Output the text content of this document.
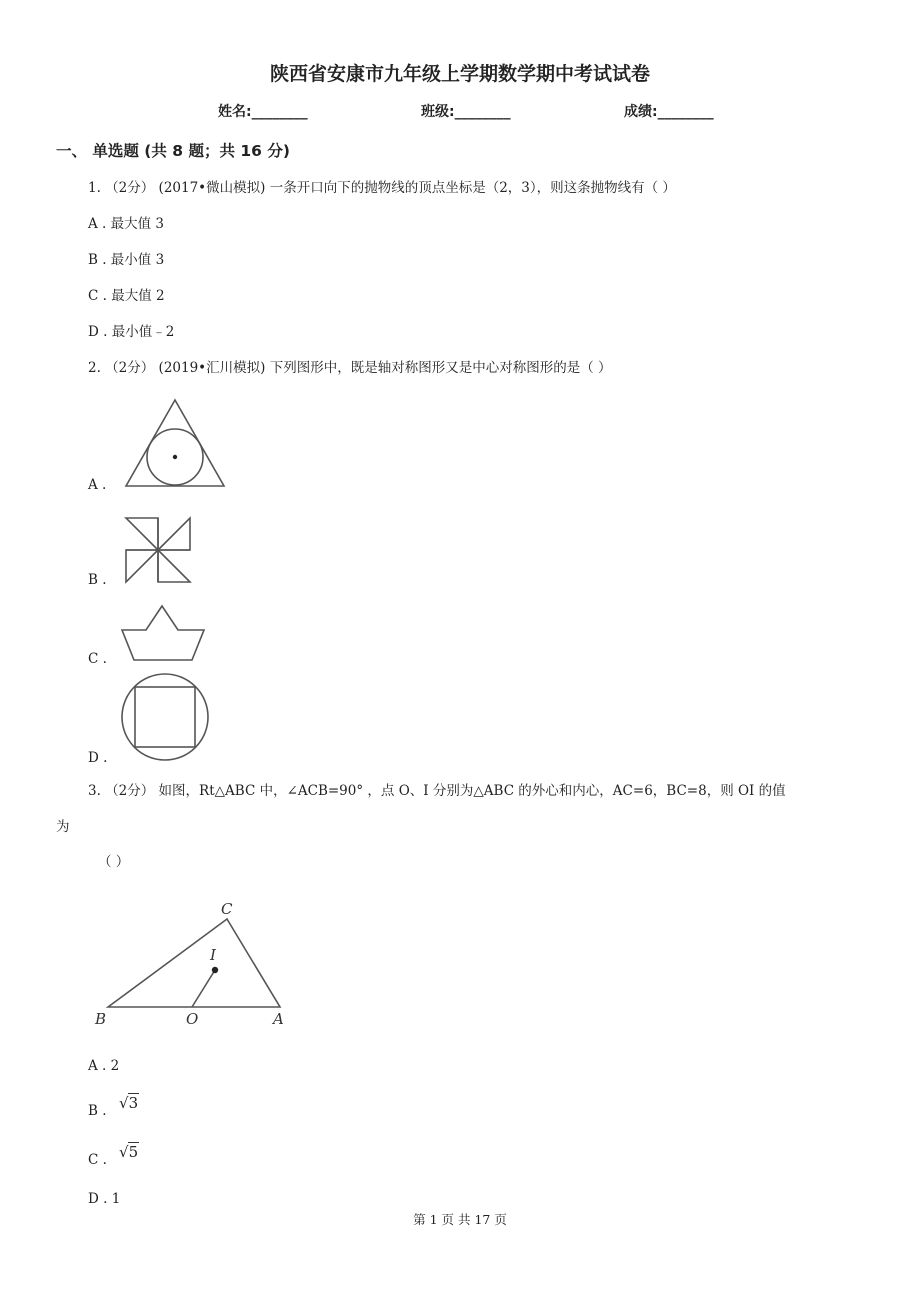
陕西省安康市九年级上学期数学期中考试试卷
姓名:________	班级:________	成绩:________
一、 单选题 (共 8 题；共 16 分)
1. （2分） (2017•微山模拟) 一条开口向下的抛物线的顶点坐标是（2，3），则这条抛物线有（ ）
A . 最大值 3
B . 最小值 3
C . 最大值 2
D . 最小值﹣2
2. （2分） (2019•汇川模拟) 下列图形中，既是轴对称图形又是中心对称图形的是（ ）
A .
B .
C .
D .
3. （2分） 如图，Rt△ABC 中，∠ACB=90° ，点 O、I 分别为△ABC 的外心和内心，AC=6，BC=8，则 OI 的值
为
（ ）
C
I
B	O	A
A . 2
B . √3
C . √5
D . 1
第 1 页 共 17 页
